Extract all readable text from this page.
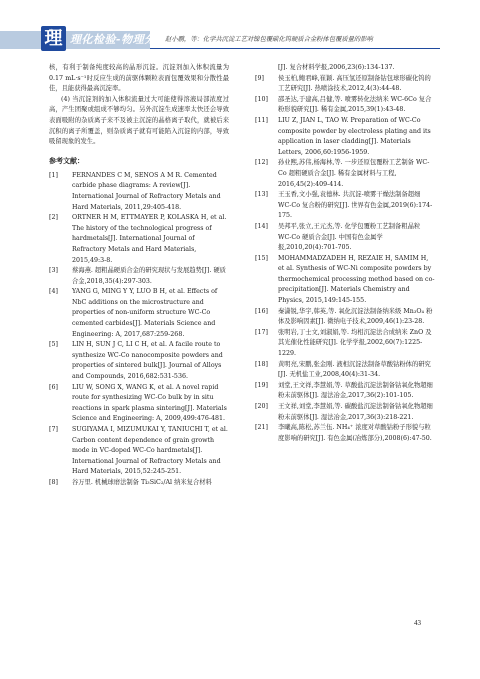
理 理化检验-物理分册
赵小鹏，等：化学共沉淀工艺对镍包覆碳化钨硬质合金粉体包覆质量的影响

核，有利于制备纯度较高的晶形沉淀。沉淀剂加入体积流量为0.17 mL·s⁻¹时反应生成的前驱体颗粒表面包覆效果和分散性最佳，且能获得最高沉淀率。

(4) 当沉淀剂的加入体积流量过大可能使得溶液局部浓度过高，产生团聚或组成不够均匀。另外沉淀生成速率太快还会导致表面吸附的杂质离子来不及被主沉淀的晶格离子取代，就被后来沉积的离子所覆盖，则杂质离子就有可能陷入沉淀的内部，导致吸留现象的发生。

参考文献：
[1]	FERNANDES C M, SENOS A M R. Cemented carbide phase diagrams: A review[J]. International Journal of Refractory Metals and Hard Materials, 2011,29:405-418.
[2]	ORTNER H M, ETTMAYER P, KOLASKA H, et al. The history of the technological progress of hardmetals[J]. International Journal of Refractory Metals and Hard Materials, 2015,49:3-8.
[3]	蔡海燕. 超粗晶硬质合金的研究现状与发展趋势[J]. 硬质合金,2018,35(4):297-303.
[4]	YANG G, MING Y Y, LUO B H, et al. Effects of NbC additions on the microstructure and properties of non-uniform structure WC-Co cemented carbides[J]. Materials Science and Engineering: A, 2017,687:259-268.
[5]	LIN H, SUN J C, LI C H, et al. A facile route to synthesize WC-Co nanocomposite powders and properties of sintered bulk[J]. Journal of Alloys and Compounds, 2016,682:531-536.
[6]	LIU W, SONG X, WANG K, et al. A novel rapid route for synthesizing WC-Co bulk by in situ reactions in spark plasma sintering[J]. Materials Science and Engineering: A, 2009,499:476-481.
[7]	SUGIYAMA I, MIZUMUKAI Y, TANIUCHI T, et al. Carbon content dependence of grain growth mode in VC-doped WC-Co hardmetals[J]. International Journal of Refractory Metals and Hard Materials, 2015,52:245-251.
[8]	谷万里. 机械球磨法制备 Ti₃SiC₂/Al 纳米复合材料
[J]. 复合材料学报,2006,23(6):134-137.
[9]	侯玉柏,鲍君峰,崔颖. 高压氢还原制备钴包球形碳化钨的工艺研究[J]. 热喷涂技术,2012,4(3):44-48.
[10]	邵圣达,于建高,吕健,等. 喷雾转化法纳米 WC-6Co 复合粉形貌研究[J]. 稀有金属,2015,39(1):43-48.
[11]	LIU Z, JIAN L, TAO W. Preparation of WC-Co composite powder by electroless plating and its application in laser cladding[J]. Materials Letters, 2006,60:1956-1959.
[12]	孙业熙,苏伟,杨海林,等. 一步还原包覆粉工艺制备 WC-Co 超粗硬质合金[J]. 稀有金属材料与工程, 2016,45(2):409-414.
[13]	王玉香,文小强,袁德林. 共沉淀-喷雾干燥法制备超细 WC-Co 复合粉的研究[J]. 世界有色金属,2019(6):174-175.
[14]	吴邦平,张立,王元杰,等. 化学包覆粉工艺制备粗晶粒 WC-Co 硬质合金[J]. 中国有色金属学报,2010,20(4):701-705.
[15]	MOHAMMADZADEH H, REZAIE H, SAMIM H, et al. Synthesis of WC-Ni composite powders by thermochemical processing method based on co-precipitation[J]. Materials Chemistry and Physics, 2015,149:145-155.
[16]	秦潇锐,华宇,韩英,等. 氧化沉淀法制备纳米级 Mn₃O₄ 粉体及影响因素[J]. 微纳电子技术,2009,46(1):23-28.
[17]	张明岩,丁士文,刘淑娟,等. 均相沉淀法合成纳米 ZnO 及其光催化性能研究[J]. 化学学报,2002,60(7):1225-1229.
[18]	黄明亮,宋鹏,张金刚. 液相沉淀法制备草酸钴粉体的研究[J]. 无机盐工业,2008,40(4):31-34.
[19]	刘堂,王文祥,李慧娟,等. 草酸盐沉淀法制备钴氧化物超细粉末前驱体[J]. 湿法冶金,2017,36(2):101-105.
[20]	王文祥,刘堂,李慧娟,等. 碳酸盐沉淀法制备钴氧化物超细粉末前驱体[J]. 湿法冶金,2017,36(3):218-221.
[21]	李曦高,陈松,苏兰伍. NH₄⁺ 浓度对草酸钴粉子形貌与粒度影响的研究[J]. 有色金属(冶炼部分),2008(6):47-50.
43
